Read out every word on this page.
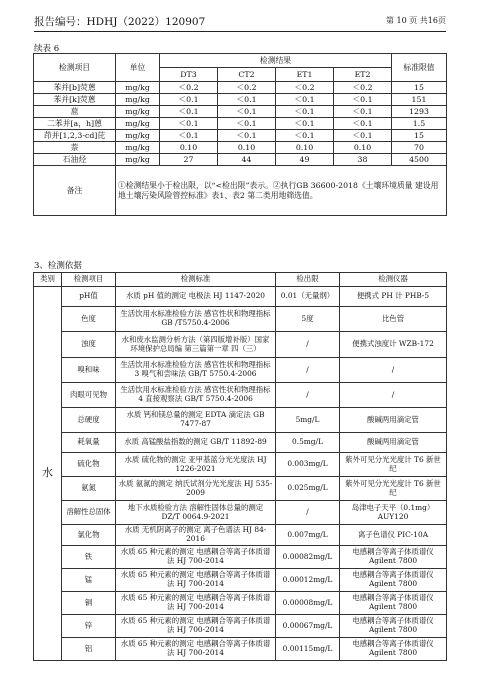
报告编号：HDHJ（2022）120907	第 10 页 共16页
续表 6
检测项目	单位	检测结果				标准限值
		DT3	CT2	ET1	ET2	
苯并[b]荧蒽	mg/kg	＜0.2	＜0.2	＜0.2	＜0.2	15
苯并[k]荧蒽	mg/kg	＜0.1	＜0.1	＜0.1	＜0.1	151
䓛	mg/kg	＜0.1	＜0.1	＜0.1	＜0.1	1293
二苯并[a，h]蒽	mg/kg	＜0.1	＜0.1	＜0.1	＜0.1	1.5
茚并[1,2,3-cd]芘	mg/kg	＜0.1	＜0.1	＜0.1	＜0.1	15
萘	mg/kg	0.10	0.10	0.10	0.10	70
石油烃	mg/kg	27	44	49	38	4500
备注	①检测结果小于检出限，以“<检出限”表示。②执行GB 36600-2018《土壤环境质量 建设用地土壤污染风险管控标准》表1、表2 第二类用地筛选值。					
3、检测依据
类别	检测项目	检测标准	检出限	检测仪器
水	pH值	水质 pH 值的测定 电极法 HJ 1147-2020	0.01（无量纲）	便携式 PH 计 PHB-5
	色度	生活饮用水标准检验方法 感官性状和物理指标 GB /T5750.4-2006	5度	比色管
	浊度	水和废水监测分析方法（第四版增补版）国家环境保护总局编 第三篇第一章 四（三）	/	便携式浊度计 WZB-172
	嗅和味	生活饮用水标准检验方法 感官性状和物理指标 3 嗅气和尝味法 GB/T 5750.4-2006	/	/
	肉眼可见物	生活饮用水标准检验方法 感官性状和物理指标 4 直接观察法 GB/T 5750.4-2006	/	/
	总硬度	水质 钙和镁总量的测定 EDTA 滴定法 GB 7477-87	5mg/L	酸碱两用滴定管
	耗氧量	水质 高锰酸盐指数的测定 GB/T 11892-89	0.5mg/L	酸碱两用滴定管
	硫化物	水质 硫化物的测定 亚甲基蓝分光光度法 HJ 1226-2021	0.003mg/L	紫外可见分光光度计 T6 新世纪
	氨氮	水质 氨氮的测定 纳氏试剂分光光度法 HJ 535-2009	0.025mg/L	紫外可见分光光度计 T6 新世纪
	溶解性总固体	地下水质检验方法 溶解性固体总量的测定 DZ/T 0064.9-2021	/	岛津电子天平（0.1mg）AUY120
	氯化物	水质 无机阴离子的测定 离子色谱法 HJ 84-2016	0.007mg/L	离子色谱仪 PIC-10A
	铁	水质 65 种元素的测定 电感耦合等离子体质谱法 HJ 700-2014	0.00082mg/L	电感耦合等离子体质谱仪 Agilent 7800
	锰	水质 65 种元素的测定 电感耦合等离子体质谱法 HJ 700-2014	0.00012mg/L	电感耦合等离子体质谱仪 Agilent 7800
	铜	水质 65 种元素的测定 电感耦合等离子体质谱法 HJ 700-2014	0.00008mg/L	电感耦合等离子体质谱仪 Agilent 7800
	锌	水质 65 种元素的测定 电感耦合等离子体质谱法 HJ 700-2014	0.00067mg/L	电感耦合等离子体质谱仪 Agilent 7800
	铝	水质 65 种元素的测定 电感耦合等离子体质谱法 HJ 700-2014	0.00115mg/L	电感耦合等离子体质谱仪 Agilent 7800
